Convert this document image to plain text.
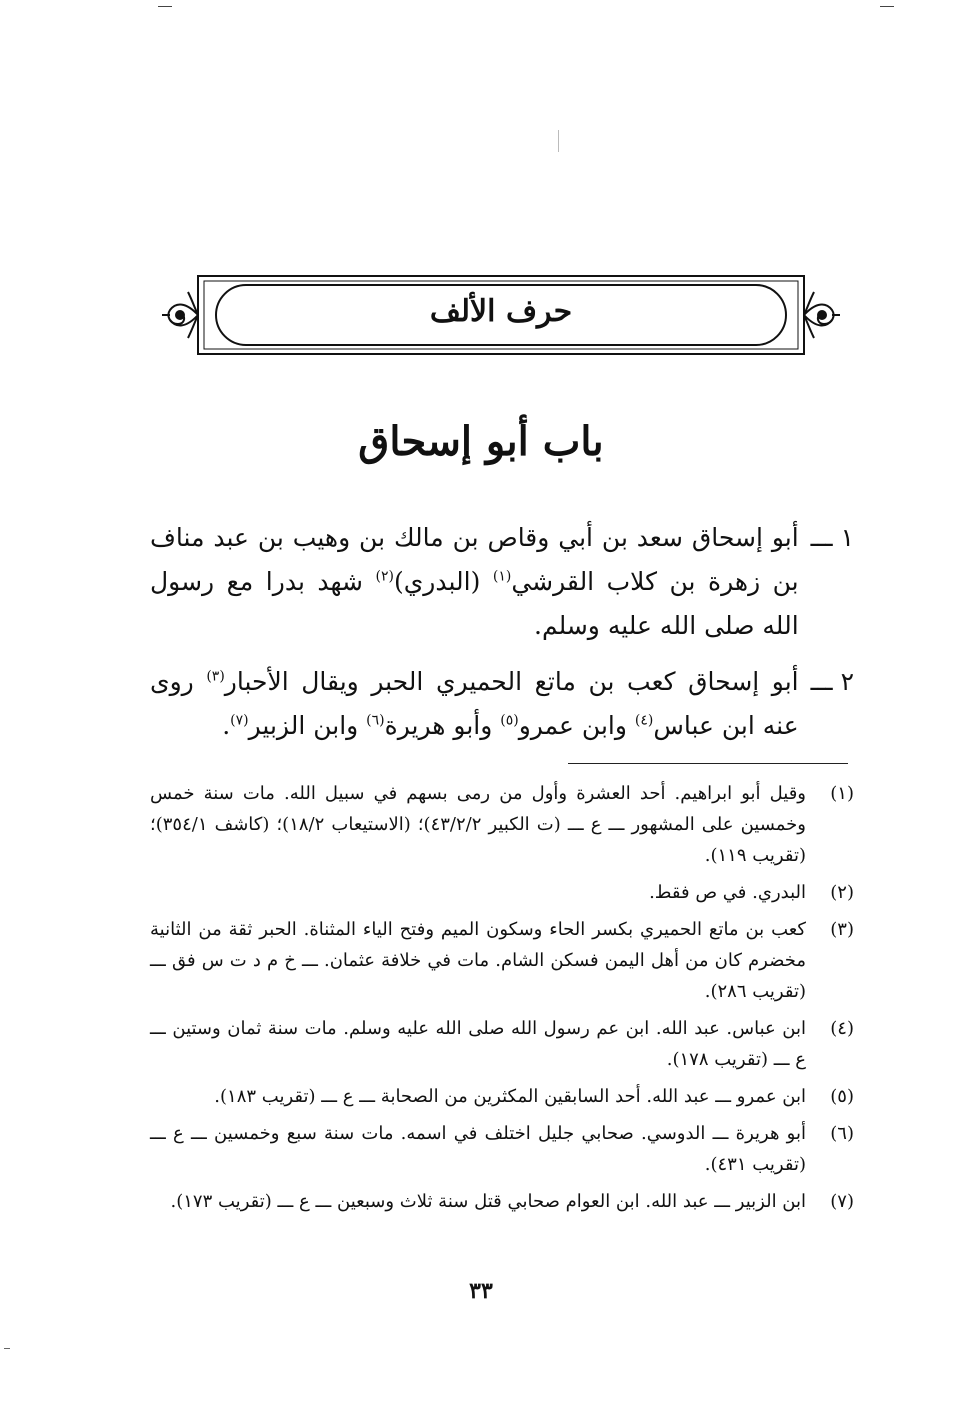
حرف الألف
باب أبو إسحاق
١ ـــ
أبو إسحاق سعد بن أبي وقاص بن مالك بن وهيب بن عبد مناف بن زهرة بن كلاب القرشي$^{(١)}$ (البدري)$^{(٢)}$ شهد بدرا مع رسول الله صلى الله عليه وسلم.
٢ ـــ
أبو إسحاق كعب بن ماتع الحميري الحبر ويقال الأحبار$^{(٣)}$ روى عنه ابن عباس$^{(٤)}$ وابن عمرو$^{(٥)}$ وأبو هريرة$^{(٦)}$ وابن الزبير$^{(٧)}$.
(١)
وقيل أبو ابراهيم. أحد العشرة وأول من رمى بسهم في سبيل الله. مات سنة خمس وخمسين على المشهور ـــ ع ـــ (ت الكبير ٤٣/٢/٢)؛ (الاستيعاب ١٨/٢)؛ (كاشف ٣٥٤/١)؛ (تقريب ١١٩).
(٢)
البدري. في ص فقط.
(٣)
كعب بن ماتع الحميري بكسر الحاء وسكون الميم وفتح الياء المثناة. الحبر ثقة من الثانية مخضرم كان من أهل اليمن فسكن الشام. مات في خلافة عثمان. ـــ خ م د ت س فق ـــ (تقريب ٢٨٦).
(٤)
ابن عباس. عبد الله. ابن عم رسول الله صلى الله عليه وسلم. مات سنة ثمان وستين ـــ ع ـــ (تقريب ١٧٨).
(٥)
ابن عمرو ـــ عبد الله. أحد السابقين المكثرين من الصحابة ـــ ع ـــ (تقريب ١٨٣).
(٦)
أبو هريرة ـــ الدوسي. صحابي جليل اختلف في اسمه. مات سنة سبع وخمسين ـــ ع ـــ (تقريب ٤٣١).
(٧)
ابن الزبير ـــ عبد الله. ابن العوام صحابي قتل سنة ثلاث وسبعين ـــ ع ـــ (تقريب ١٧٣).
٣٣
